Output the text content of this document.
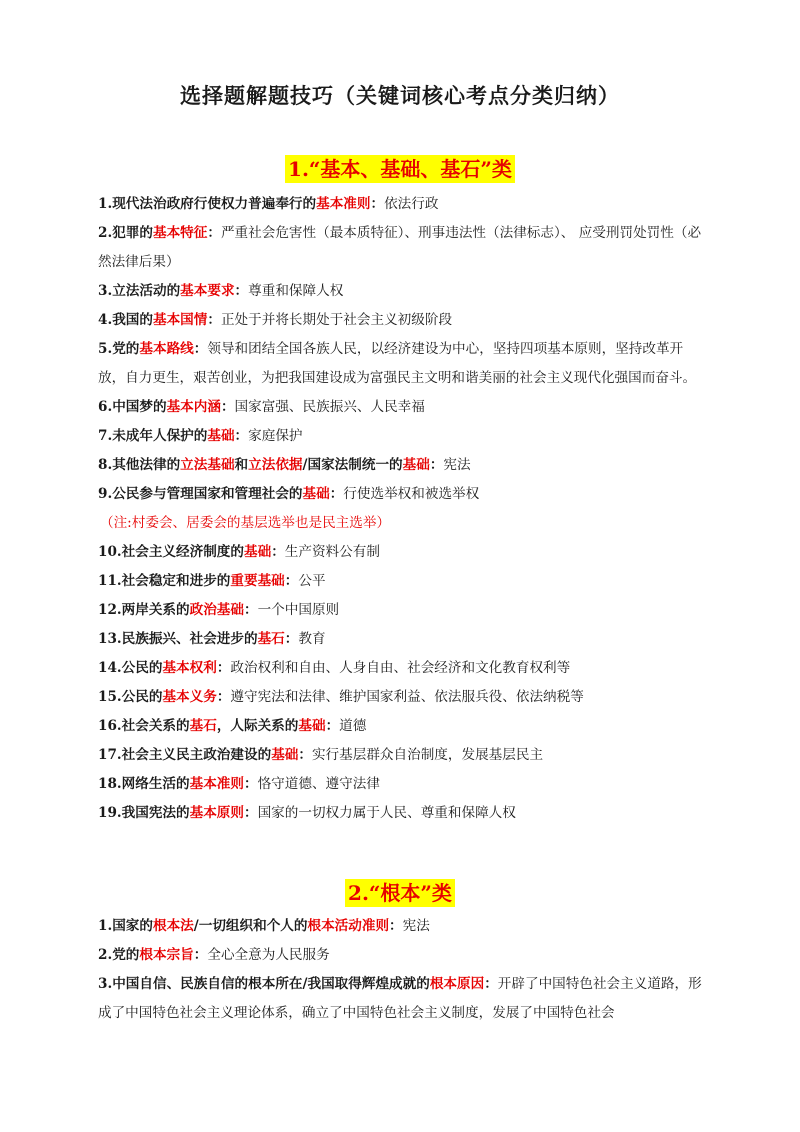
选择题解题技巧（关键词核心考点分类归纳）
1.“基本、基础、基石”类

1.现代法治政府行使权力普遍奉行的基本准则：依法行政

2.犯罪的基本特征：严重社会危害性（最本质特征）、刑事违法性（法律标志）、 应受刑罚处罚性（必然法律后果）

3.立法活动的基本要求：尊重和保障人权

4.我国的基本国情：正处于并将长期处于社会主义初级阶段

5.党的基本路线：领导和团结全国各族人民，以经济建设为中心，坚持四项基本原则，坚持改革开放，自力更生，艰苦创业，为把我国建设成为富强民主文明和谐美丽的社会主义现代化强国而奋斗。

6.中国梦的基本内涵：国家富强、民族振兴、人民幸福

7.未成年人保护的基础：家庭保护

8.其他法律的立法基础和立法依据/国家法制统一的基础：宪法

9.公民参与管理国家和管理社会的基础：行使选举权和被选举权

（注:村委会、居委会的基层选举也是民主选举）

10.社会主义经济制度的基础：生产资料公有制

11.社会稳定和进步的重要基础：公平

12.两岸关系的政治基础：一个中国原则

13.民族振兴、社会进步的基石：教育

14.公民的基本权利：政治权利和自由、人身自由、社会经济和文化教育权利等

15.公民的基本义务：遵守宪法和法律、维护国家利益、依法服兵役、依法纳税等

16.社会关系的基石，人际关系的基础：道德

17.社会主义民主政治建设的基础：实行基层群众自治制度，发展基层民主

18.网络生活的基本准则：恪守道德、遵守法律

19.我国宪法的基本原则：国家的一切权力属于人民、尊重和保障人权

2.“根本”类

1.国家的根本法/一切组织和个人的根本活动准则：宪法

2.党的根本宗旨：全心全意为人民服务

3.中国自信、民族自信的根本所在/我国取得辉煌成就的根本原因：开辟了中国特色社会主义道路，形成了中国特色社会主义理论体系，确立了中国特色社会主义制度，发展了中国特色社会
